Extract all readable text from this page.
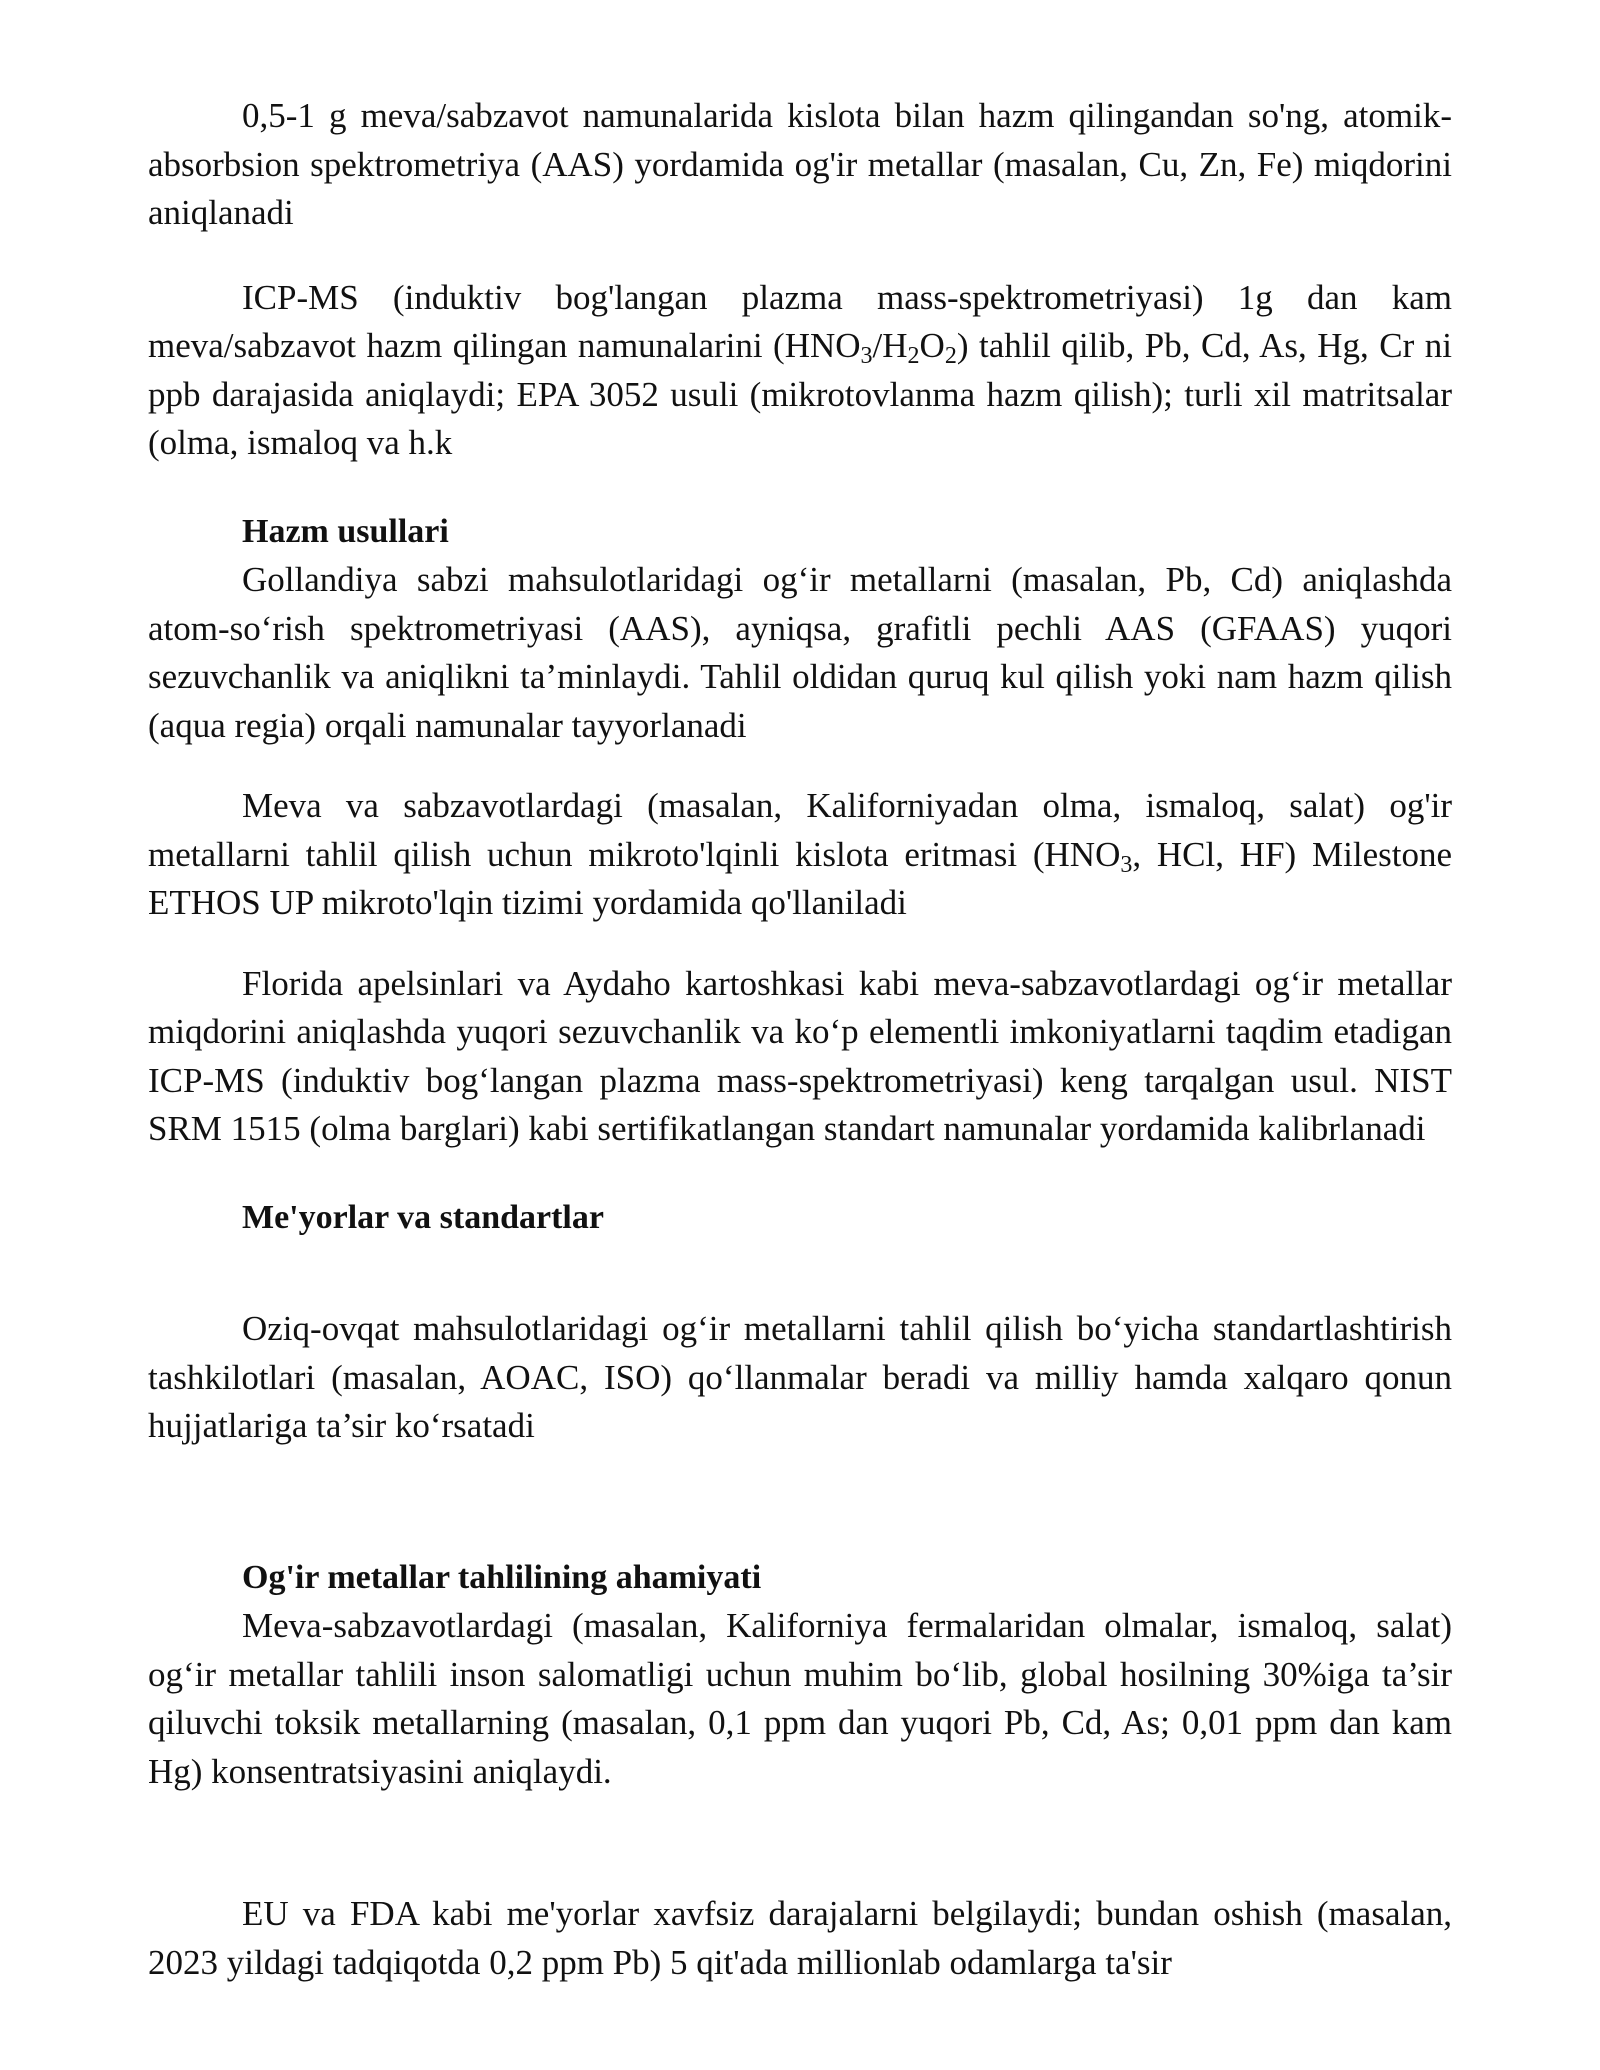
0,5-1 g meva/sabzavot namunalarida kislota bilan hazm qilingandan so'ng, atomik-absorbsion spektrometriya (AAS) yordamida og'ir metallar (masalan, Cu, Zn, Fe) miqdorini aniqlanadi

ICP-MS (induktiv bog'langan plazma mass-spektrometriyasi) 1g dan kam meva/sabzavot hazm qilingan namunalarini $(HNO_3/H_2O_2)$ tahlil qilib, Pb, Cd, As, Hg, Cr ni ppb darajasida aniqlaydi; EPA 3052 usuli (mikrotovlanma hazm qilish); turli xil matritsalar (olma, ismaloq va h.k

Hazm usullari

Gollandiya sabzi mahsulotlaridagi og‘ir metallarni (masalan, Pb, Cd) aniqlashda atom-so‘rish spektrometriyasi (AAS), ayniqsa, grafitli pechli AAS (GFAAS) yuqori sezuvchanlik va aniqlikni ta’minlaydi. Tahlil oldidan quruq kul qilish yoki nam hazm qilish (aqua regia) orqali namunalar tayyorlanadi

Meva va sabzavotlardagi (masalan, Kaliforniyadan olma, ismaloq, salat) og'ir metallarni tahlil qilish uchun mikroto'lqinli kislota eritmasi ($HNO_3$, HCl, HF) Milestone ETHOS UP mikroto'lqin tizimi yordamida qo'llaniladi

Florida apelsinlari va Aydaho kartoshkasi kabi meva-sabzavotlardagi og‘ir metallar miqdorini aniqlashda yuqori sezuvchanlik va ko‘p elementli imkoniyatlarni taqdim etadigan ICP-MS (induktiv bog‘langan plazma mass-spektrometriyasi) keng tarqalgan usul. NIST SRM 1515 (olma barglari) kabi sertifikatlangan standart namunalar yordamida kalibrlanadi

Me'yorlar va standartlar

Oziq-ovqat mahsulotlaridagi og‘ir metallarni tahlil qilish bo‘yicha standartlashtirish tashkilotlari (masalan, AOAC, ISO) qo‘llanmalar beradi va milliy hamda xalqaro qonun hujjatlariga ta’sir ko‘rsatadi

Og'ir metallar tahlilining ahamiyati

Meva-sabzavotlardagi (masalan, Kaliforniya fermalaridan olmalar, ismaloq, salat) og‘ir metallar tahlili inson salomatligi uchun muhim bo‘lib, global hosilning 30%iga ta’sir qiluvchi toksik metallarning (masalan, 0,1 ppm dan yuqori Pb, Cd, As; 0,01 ppm dan kam Hg) konsentratsiyasini aniqlaydi.

EU va FDA kabi me'yorlar xavfsiz darajalarni belgilaydi; bundan oshish (masalan, 2023 yildagi tadqiqotda 0,2 ppm Pb) 5 qit'ada millionlab odamlarga ta'sir
